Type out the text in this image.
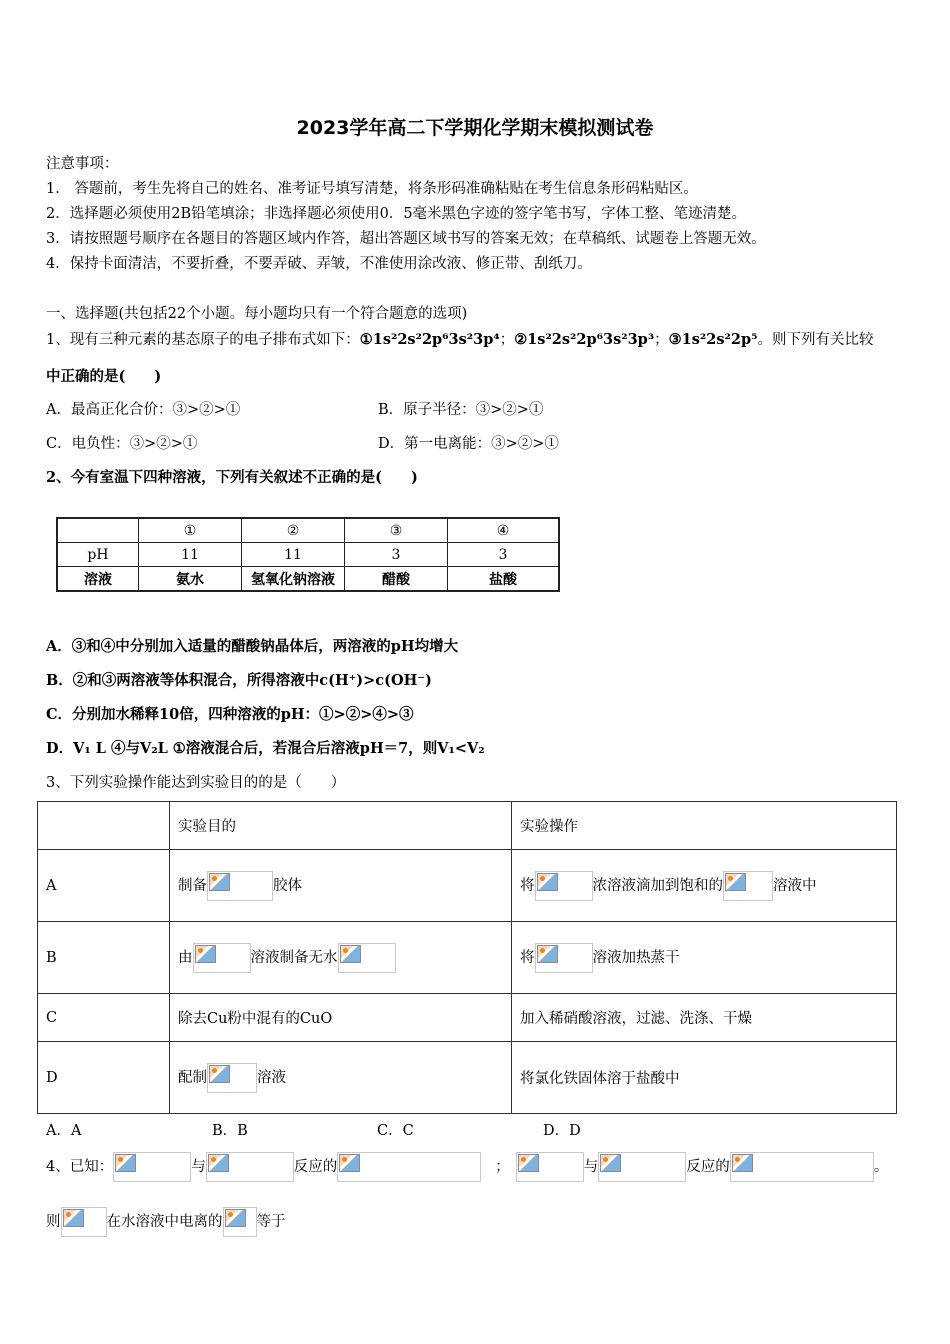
2023学年高二下学期化学期末模拟测试卷
注意事项：
1． 答题前，考生先将自己的姓名、准考证号填写清楚，将条形码准确粘贴在考生信息条形码粘贴区。
2．选择题必须使用2B铅笔填涂；非选择题必须使用0．5毫米黑色字迹的签字笔书写，字体工整、笔迹清楚。
3．请按照题号顺序在各题目的答题区域内作答，超出答题区域书写的答案无效；在草稿纸、试题卷上答题无效。
4．保持卡面清洁，不要折叠，不要弄破、弄皱，不准使用涂改液、修正带、刮纸刀。
一、选择题(共包括22个小题。每小题均只有一个符合题意的选项)
1、现有三种元素的基态原子的电子排布式如下：①1s²2s²2p⁶3s²3p⁴；②1s²2s²2p⁶3s²3p³；③1s²2s²2p⁵。则下列有关比较
中正确的是(　　)
A．最高正化合价：③>②>①	B．原子半径：③>②>①
C．电负性：③>②>①	D．第一电离能：③>②>①
2、今有室温下四种溶液，下列有关叙述不正确的是(　　)
	①	②	③	④
pH	11	11	3	3
溶液	氨水	氢氧化钠溶液	醋酸	盐酸
A．③和④中分别加入适量的醋酸钠晶体后，两溶液的pH均增大
B．②和③两溶液等体积混合，所得溶液中c(H⁺)>c(OH⁻)
C．分别加水稀释10倍，四种溶液的pH：①>②>④>③
D．V₁ L ④与V₂L ①溶液混合后，若混合后溶液pH＝7，则V₁<V₂
3、下列实验操作能达到实验目的的是（　　）
	实验目的	实验操作
A	制备 胶体	将 浓溶液滴加到饱和的 溶液中
B	由 溶液制备无水	将 溶液加热蒸干
C	除去Cu粉中混有的CuO	加入稀硝酸溶液，过滤、洗涤、干燥
D	配制 溶液	将氯化铁固体溶于盐酸中
A．A	B．B	C．C	D．D
4、已知：	与	反应的	；	与	反应的	。
则	在水溶液中电离的 等于
